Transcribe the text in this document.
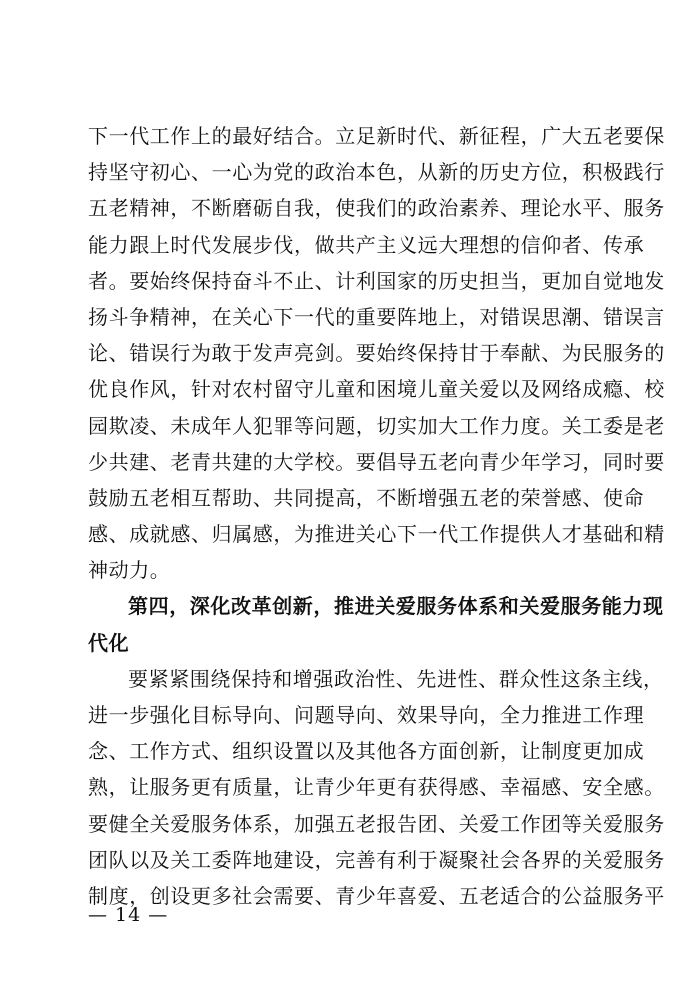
下一代工作上的最好结合。立足新时代、新征程，广大五老要保
持坚守初心、一心为党的政治本色，从新的历史方位，积极践行
五老精神，不断磨砺自我，使我们的政治素养、理论水平、服务
能力跟上时代发展步伐，做共产主义远大理想的信仰者、传承
者。要始终保持奋斗不止、计利国家的历史担当，更加自觉地发
扬斗争精神，在关心下一代的重要阵地上，对错误思潮、错误言
论、错误行为敢于发声亮剑。要始终保持甘于奉献、为民服务的
优良作风，针对农村留守儿童和困境儿童关爱以及网络成瘾、校
园欺凌、未成年人犯罪等问题，切实加大工作力度。关工委是老
少共建、老青共建的大学校。要倡导五老向青少年学习，同时要
鼓励五老相互帮助、共同提高，不断增强五老的荣誉感、使命
感、成就感、归属感，为推进关心下一代工作提供人才基础和精
神动力。
第四，深化改革创新，推进关爱服务体系和关爱服务能力现
代化
要紧紧围绕保持和增强政治性、先进性、群众性这条主线，
进一步强化目标导向、问题导向、效果导向，全力推进工作理
念、工作方式、组织设置以及其他各方面创新，让制度更加成
熟，让服务更有质量，让青少年更有获得感、幸福感、安全感。
要健全关爱服务体系，加强五老报告团、关爱工作团等关爱服务
团队以及关工委阵地建设，完善有利于凝聚社会各界的关爱服务
制度，创设更多社会需要、青少年喜爱、五老适合的公益服务平
— 14 —
